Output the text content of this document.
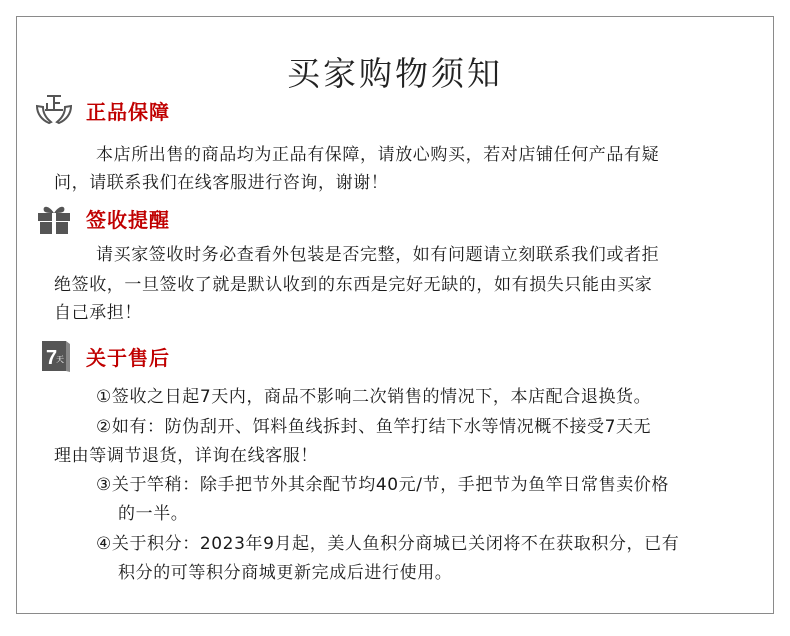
买家购物须知
正品保障
本店所出售的商品均为正品有保障，请放心购买，若对店铺任何产品有疑
问，请联系我们在线客服进行咨询，谢谢！
签收提醒
请买家签收时务必查看外包装是否完整，如有问题请立刻联系我们或者拒
绝签收，一旦签收了就是默认收到的东西是完好无缺的，如有损失只能由买家
自己承担！
7
天 关于售后
①签收之日起7天内，商品不影响二次销售的情况下，本店配合退换货。
②如有：防伪刮开、饵料鱼线拆封、鱼竿打结下水等情况概不接受7天无
理由等调节退货，详询在线客服！
③关于竿稍：除手把节外其余配节均40元/节，手把节为鱼竿日常售卖价格
的一半。
④关于积分：2023年9月起，美人鱼积分商城已关闭将不在获取积分，已有
积分的可等积分商城更新完成后进行使用。
